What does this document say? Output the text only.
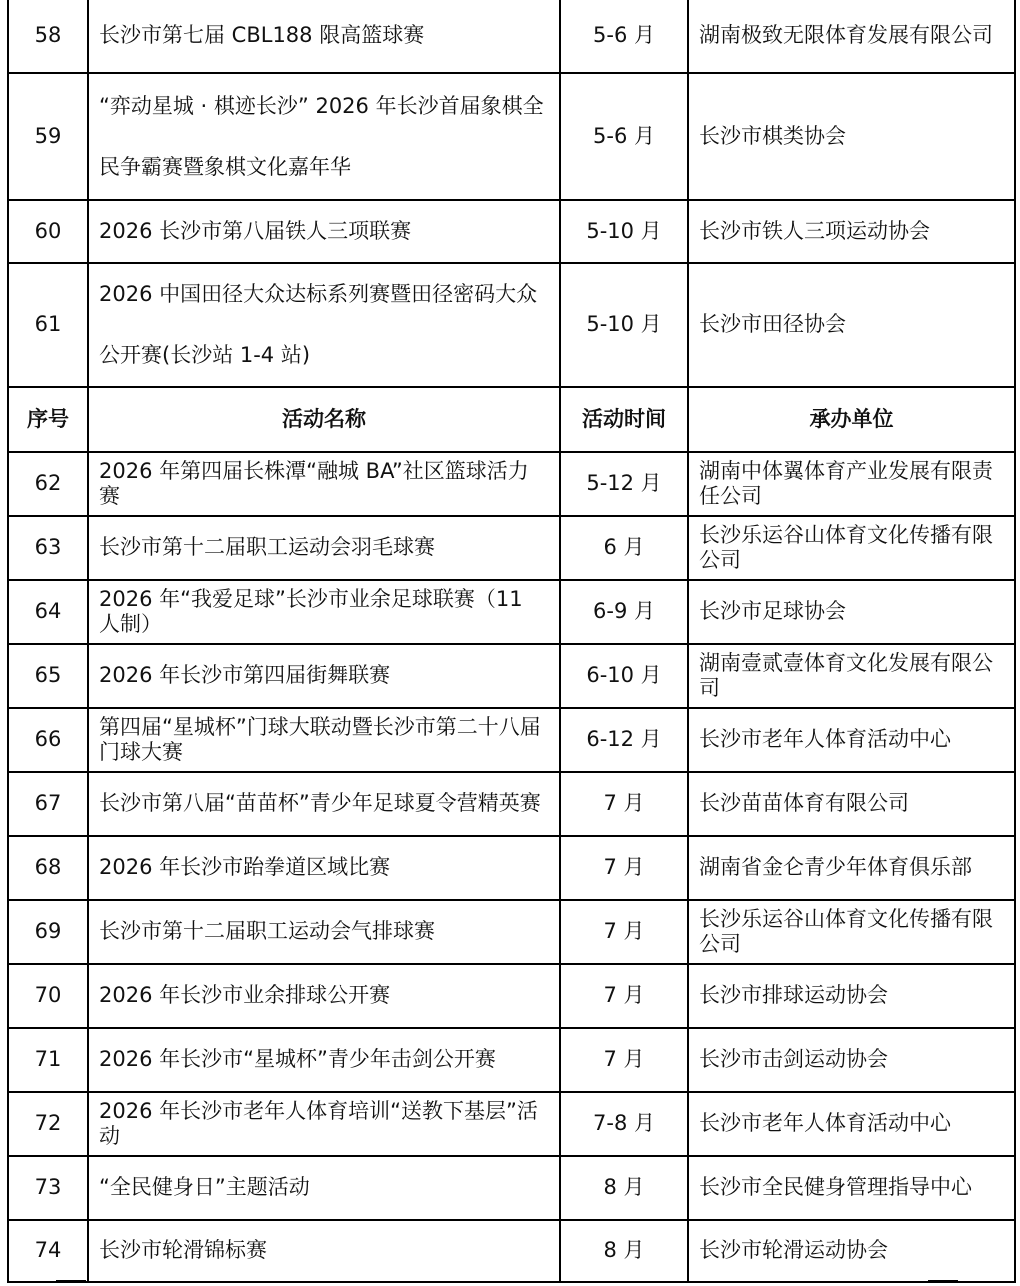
58	长沙市第七届 CBL188 限高篮球赛	5-6 月	湖南极致无限体育发展有限公司
59	“弈动星城 · 棋迹长沙” 2026 年长沙首届象棋全民争霸赛暨象棋文化嘉年华	5-6 月	长沙市棋类协会
60	2026 长沙市第八届铁人三项联赛	5-10 月	长沙市铁人三项运动协会
61	2026 中国田径大众达标系列赛暨田径密码大众公开赛(长沙站 1-4 站)	5-10 月	长沙市田径协会
序号	活动名称	活动时间	承办单位
62	2026 年第四届长株潭“融城 BA”社区篮球活力赛	5-12 月	湖南中体翼体育产业发展有限责任公司
63	长沙市第十二届职工运动会羽毛球赛	6 月	长沙乐运谷山体育文化传播有限公司
64	2026 年“我爱足球”长沙市业余足球联赛（11 人制）	6-9 月	长沙市足球协会
65	2026 年长沙市第四届街舞联赛	6-10 月	湖南壹贰壹体育文化发展有限公司
66	第四届“星城杯”门球大联动暨长沙市第二十八届门球大赛	6-12 月	长沙市老年人体育活动中心
67	长沙市第八届“苗苗杯”青少年足球夏令营精英赛	7 月	长沙苗苗体育有限公司
68	2026 年长沙市跆拳道区域比赛	7 月	湖南省金仑青少年体育俱乐部
69	长沙市第十二届职工运动会气排球赛	7 月	长沙乐运谷山体育文化传播有限公司
70	2026 年长沙市业余排球公开赛	7 月	长沙市排球运动协会
71	2026 年长沙市“星城杯”青少年击剑公开赛	7 月	长沙市击剑运动协会
72	2026 年长沙市老年人体育培训“送教下基层”活动	7-8 月	长沙市老年人体育活动中心
73	“全民健身日”主题活动	8 月	长沙市全民健身管理指导中心
74	长沙市轮滑锦标赛	8 月	长沙市轮滑运动协会
